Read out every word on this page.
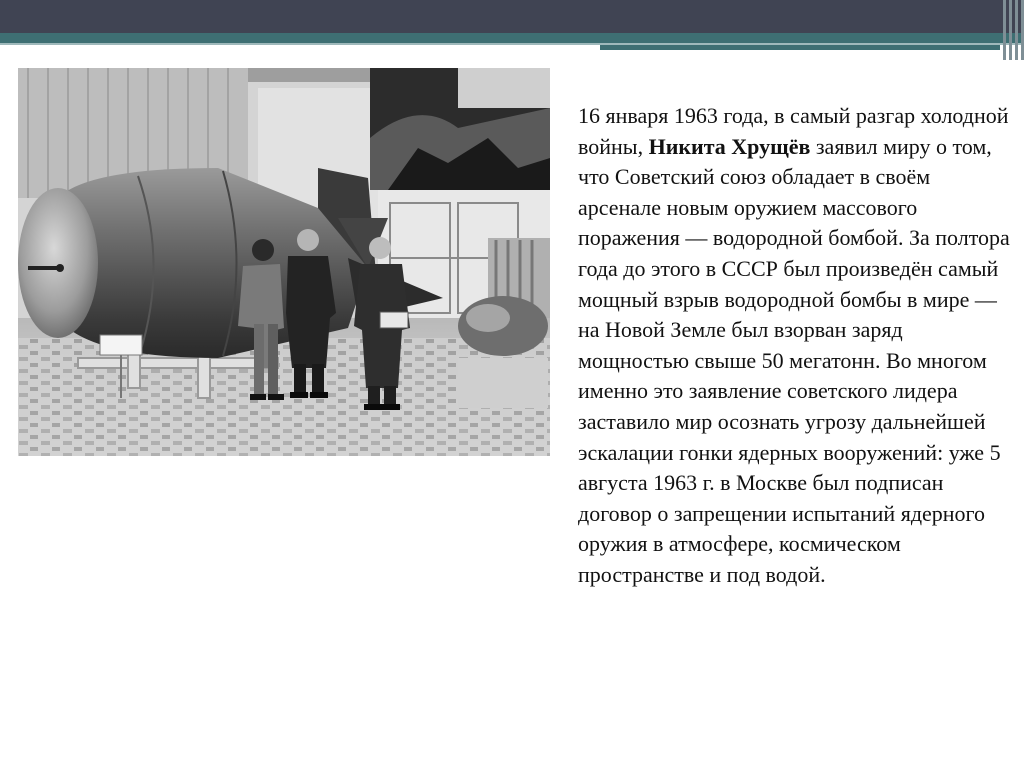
16 января 1963 года, в самый разгар холодной войны, Никита Хрущёв заявил миру о том, что Советский союз обладает в своём арсенале новым оружием массового поражения — водородной бомбой. За полтора года до этого в СССР был произведён самый мощный взрыв водородной бомбы в мире — на Новой Земле был взорван заряд мощностью свыше 50 мегатонн. Во многом именно это заявление советского лидера заставило мир осознать угрозу дальнейшей эскалации гонки ядерных вооружений: уже 5 августа 1963 г. в Москве был подписан договор о запрещении испытаний ядерного оружия в атмосфере, космическом пространстве и под водой.
